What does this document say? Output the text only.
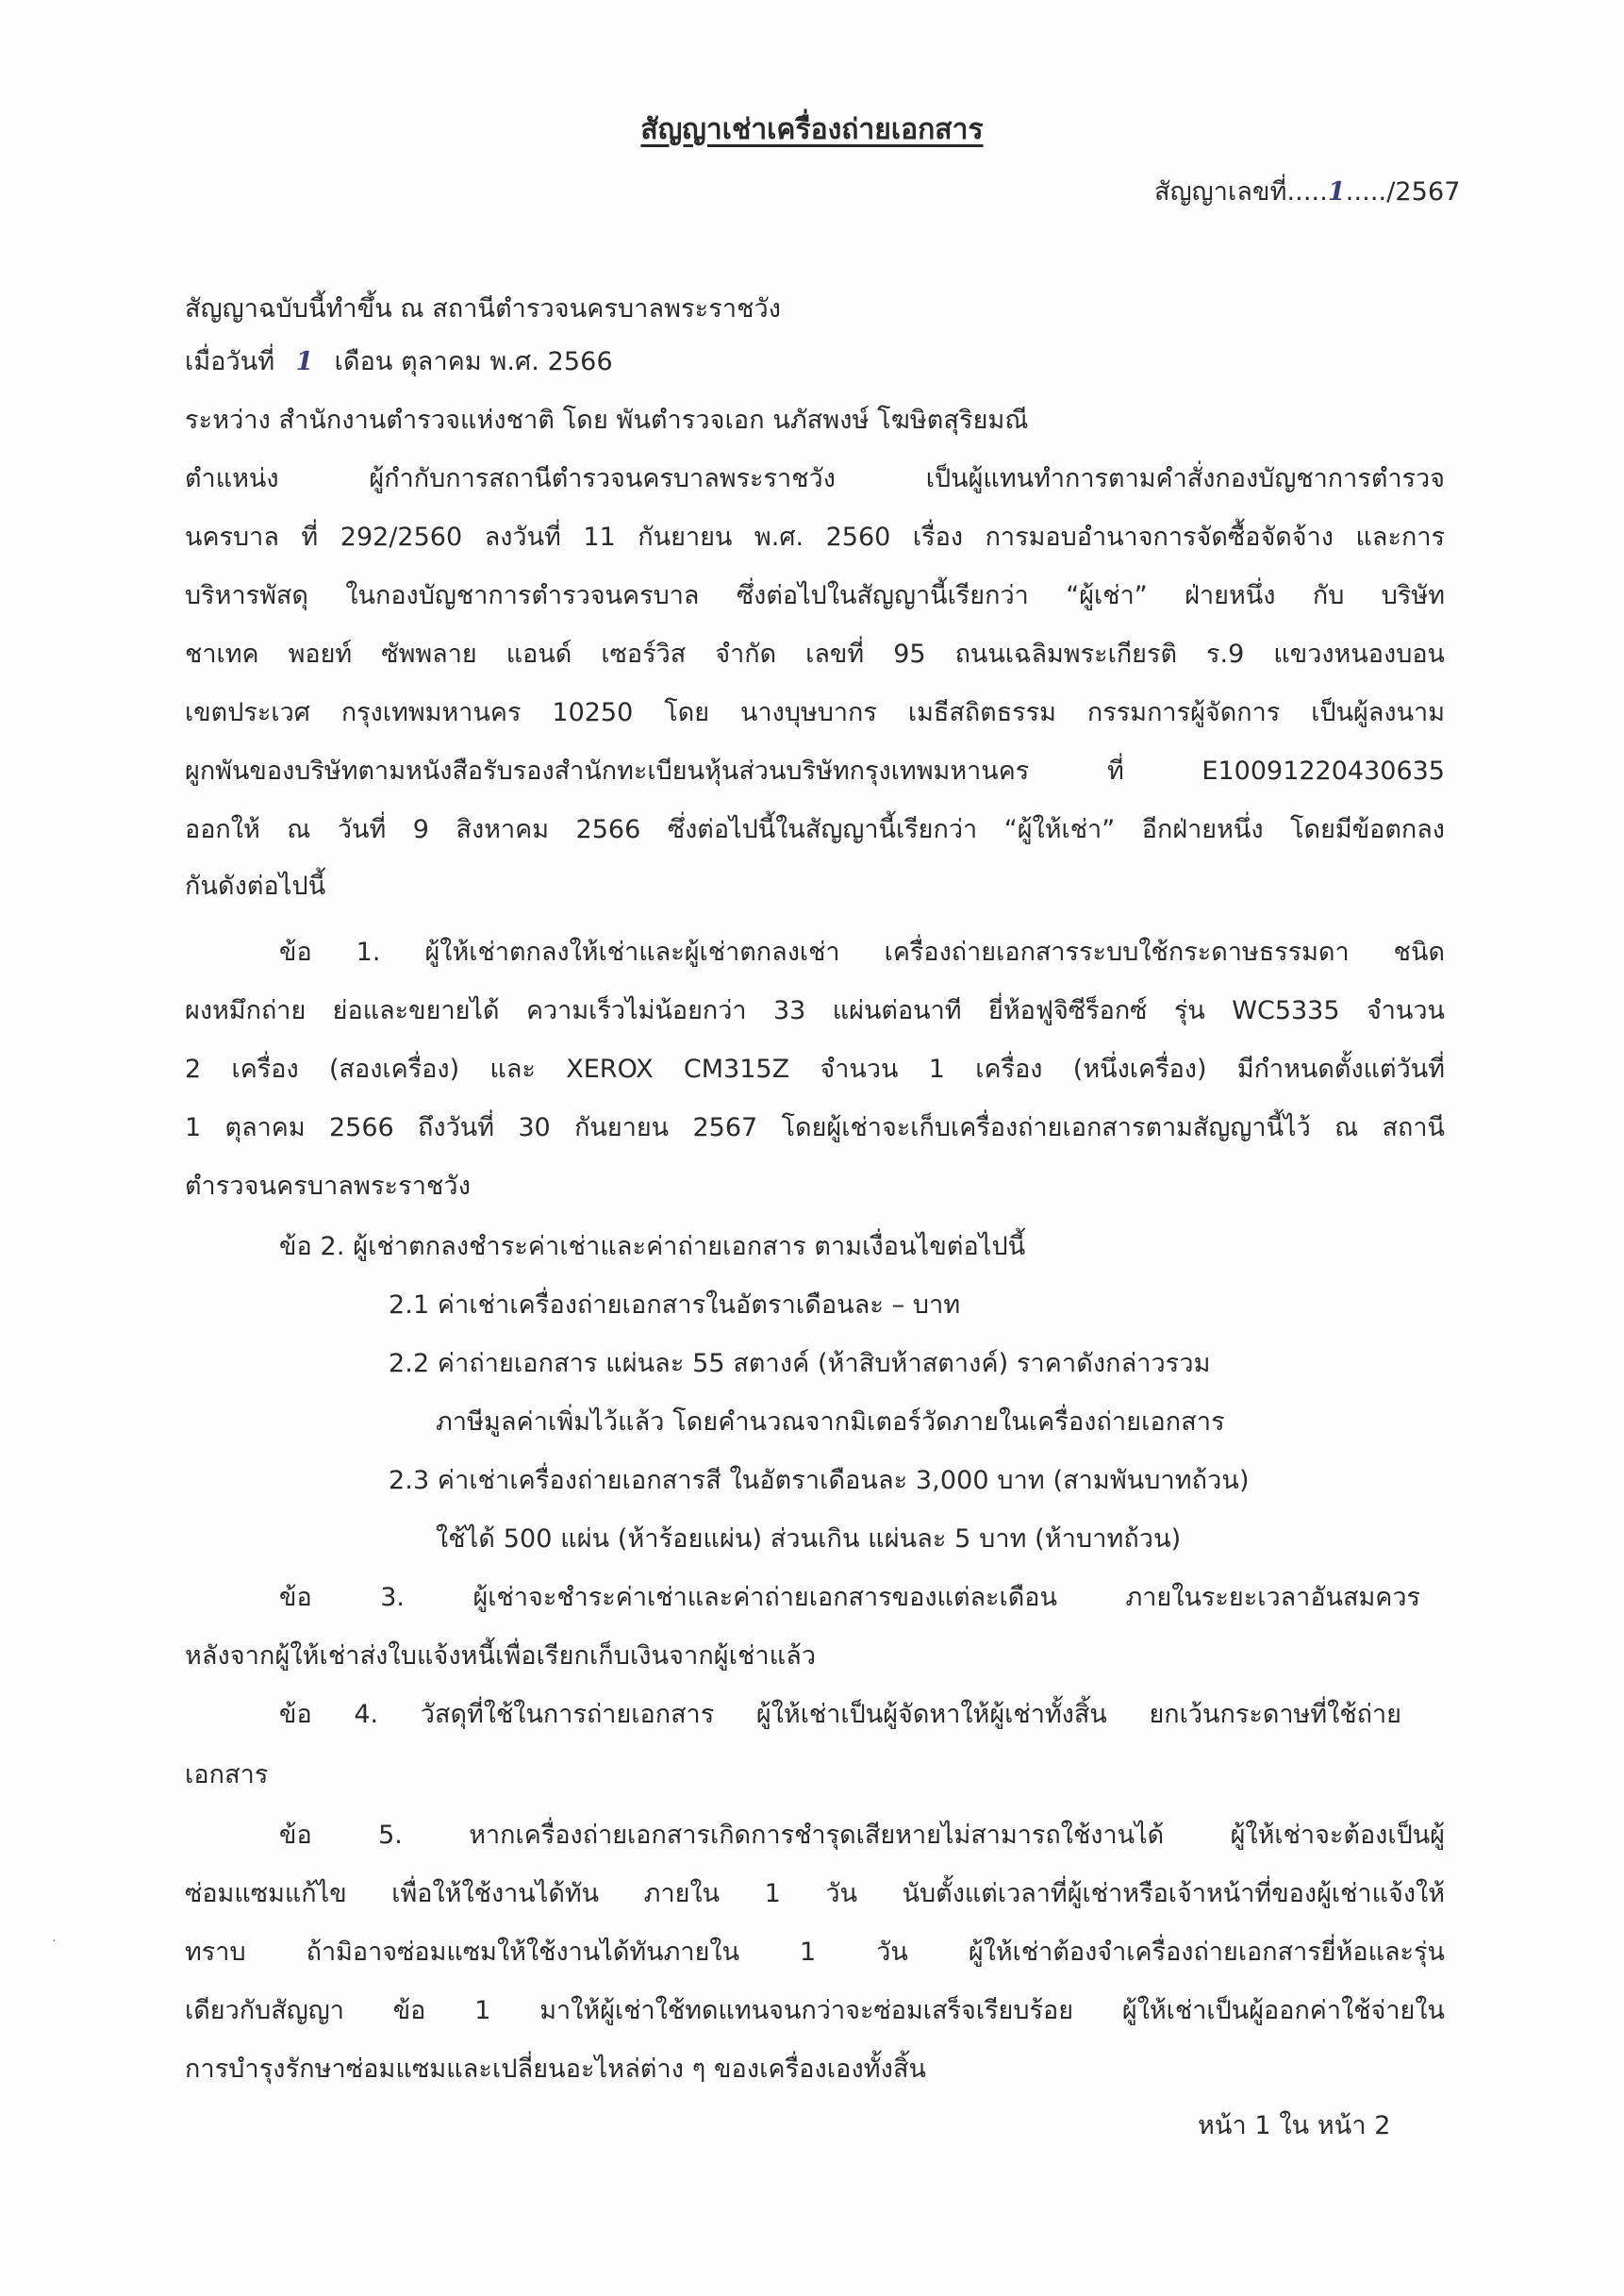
สัญญาเช่าเครื่องถ่ายเอกสาร
สัญญาเลขที่.....1...../2567
สัญญาฉบับนี้ทำขึ้น ณ สถานีตำรวจนครบาลพระราชวัง
เมื่อวันที่ 1 เดือน ตุลาคม พ.ศ. 2566
ระหว่าง สำนักงานตำรวจแห่งชาติ โดย พันตำรวจเอก นภัสพงษ์ โฆษิตสุริยมณี
ตำแหน่ง ผู้กำกับการสถานีตำรวจนครบาลพระราชวัง เป็นผู้แทนทำการตามคำสั่งกองบัญชาการตำรวจ
นครบาล ที่ 292/2560 ลงวันที่ 11 กันยายน พ.ศ. 2560 เรื่อง การมอบอำนาจการจัดซื้อจัดจ้าง และการ
บริหารพัสดุ ในกองบัญชาการตำรวจนครบาล ซึ่งต่อไปในสัญญานี้เรียกว่า “ผู้เช่า” ฝ่ายหนึ่ง กับ บริษัท
ชาเทค พอยท์ ซัพพลาย แอนด์ เซอร์วิส จำกัด เลขที่ 95 ถนนเฉลิมพระเกียรติ ร.9 แขวงหนองบอน
เขตประเวศ กรุงเทพมหานคร 10250 โดย นางบุษบากร เมธีสถิตธรรม กรรมการผู้จัดการ เป็นผู้ลงนาม
ผูกพันของบริษัทตามหนังสือรับรองสำนักทะเบียนหุ้นส่วนบริษัทกรุงเทพมหานคร ที่ E10091220430635
ออกให้ ณ วันที่ 9 สิงหาคม 2566 ซึ่งต่อไปนี้ในสัญญานี้เรียกว่า “ผู้ให้เช่า” อีกฝ่ายหนึ่ง โดยมีข้อตกลง
กันดังต่อไปนี้
ข้อ 1. ผู้ให้เช่าตกลงให้เช่าและผู้เช่าตกลงเช่า เครื่องถ่ายเอกสารระบบใช้กระดาษธรรมดา ชนิด
ผงหมึกถ่าย ย่อและขยายได้ ความเร็วไม่น้อยกว่า 33 แผ่นต่อนาที ยี่ห้อฟูจิซีร็อกซ์ รุ่น WC5335 จำนวน
2 เครื่อง (สองเครื่อง) และ XEROX CM315Z จำนวน 1 เครื่อง (หนึ่งเครื่อง) มีกำหนดตั้งแต่วันที่
1 ตุลาคม 2566 ถึงวันที่ 30 กันยายน 2567 โดยผู้เช่าจะเก็บเครื่องถ่ายเอกสารตามสัญญานี้ไว้ ณ สถานี
ตำรวจนครบาลพระราชวัง
ข้อ 2. ผู้เช่าตกลงชำระค่าเช่าและค่าถ่ายเอกสาร ตามเงื่อนไขต่อไปนี้
2.1 ค่าเช่าเครื่องถ่ายเอกสารในอัตราเดือนละ – บาท
2.2 ค่าถ่ายเอกสาร แผ่นละ 55 สตางค์ (ห้าสิบห้าสตางค์) ราคาดังกล่าวรวม
ภาษีมูลค่าเพิ่มไว้แล้ว โดยคำนวณจากมิเตอร์วัดภายในเครื่องถ่ายเอกสาร
2.3 ค่าเช่าเครื่องถ่ายเอกสารสี ในอัตราเดือนละ 3,000 บาท (สามพันบาทถ้วน)
ใช้ได้ 500 แผ่น (ห้าร้อยแผ่น) ส่วนเกิน แผ่นละ 5 บาท (ห้าบาทถ้วน)
ข้อ 3. ผู้เช่าจะชำระค่าเช่าและค่าถ่ายเอกสารของแต่ละเดือน ภายในระยะเวลาอันสมควร
หลังจากผู้ให้เช่าส่งใบแจ้งหนี้เพื่อเรียกเก็บเงินจากผู้เช่าแล้ว
ข้อ 4. วัสดุที่ใช้ในการถ่ายเอกสาร ผู้ให้เช่าเป็นผู้จัดหาให้ผู้เช่าทั้งสิ้น ยกเว้นกระดาษที่ใช้ถ่าย
เอกสาร
ข้อ 5. หากเครื่องถ่ายเอกสารเกิดการชำรุดเสียหายไม่สามารถใช้งานได้ ผู้ให้เช่าจะต้องเป็นผู้
ซ่อมแซมแก้ไข เพื่อให้ใช้งานได้ทัน ภายใน 1 วัน นับตั้งแต่เวลาที่ผู้เช่าหรือเจ้าหน้าที่ของผู้เช่าแจ้งให้
ทราบ ถ้ามิอาจซ่อมแซมให้ใช้งานได้ทันภายใน 1 วัน ผู้ให้เช่าต้องจำเครื่องถ่ายเอกสารยี่ห้อและรุ่น
เดียวกับสัญญา ข้อ 1 มาให้ผู้เช่าใช้ทดแทนจนกว่าจะซ่อมเสร็จเรียบร้อย ผู้ให้เช่าเป็นผู้ออกค่าใช้จ่ายใน
การบำรุงรักษาซ่อมแซมและเปลี่ยนอะไหล่ต่าง ๆ ของเครื่องเองทั้งสิ้น
หน้า 1 ใน หน้า 2
·
